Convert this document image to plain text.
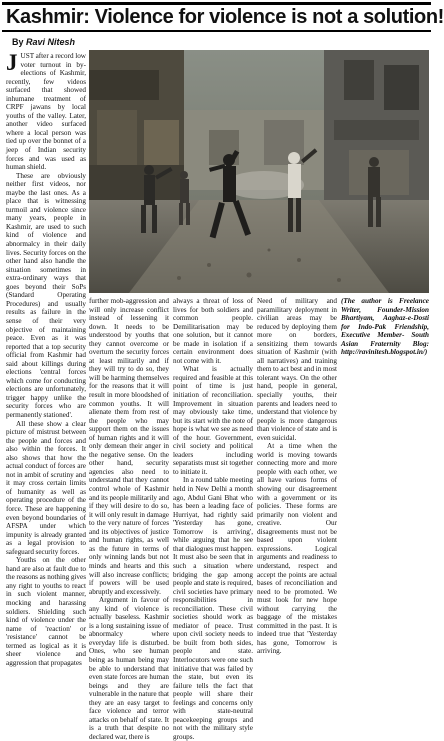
Kashmir: Violence for violence is not a solution!
By Ravi Nitesh

JUST after a record low voter turnout in by-elections of Kashmir, recently, few videos surfaced that showed inhumane treatment of CRPF jawans by local youths of the valley. Later, another video surfaced where a local person was tied up over the bonnet of a jeep of Indian security forces and was used as human shield.

These are obviously neither first videos, nor maybe the last ones. As a place that is witnessing turmoil and violence since many years, people in Kashmir, are used to such kind of violence and abnormalcy in their daily lives. Security forces on the other hand also handle the situation sometimes in extra-ordinary ways that goes beyond their SoPs (Standard Operating Procedures) and usually results as failure in the sense of their very objective of maintaining peace. Even as it was reported that a top security official from Kashmir had said about killings during elections 'central forces which come for conducting elections are unfortunately, trigger happy unlike the security forces who are permanently stationed'.

All these show a clear picture of mistrust between the people and forces and also within the forces. It also shows that how the actual conduct of forces are not in ambit of scrutiny and it may cross certain limits of humanity as well as operating procedure of the force. These are happening even beyond boundaries of AFSPA under which impunity is already granted as a legal provision to safeguard security forces.

Youths on the other hand are also at fault due to the reasons as nothing gives any right to youths to react in such violent manner, mocking and harassing soldiers. Shielding such kind of violence under the name of 'reaction' or 'resistance' cannot be termed as logical as it is sheer violence and aggression that propagates

further mob-aggression and will only increase conflict instead of lessening it down. It needs to be understood by youths that they cannot overcome or overturn the security forces at least militarily and if they will try to do so, they will be harming themselves for the reasons that it will result in more bloodshed of common youths. It will alienate them from rest of the people who may support them on the issues of human rights and it will only demean their anger in the negative sense. On the other hand, security agencies also need to understand that they cannot control whole of Kashmir and its people militarily and if they will desire to do so, it will only result in damage to the very nature of forces and its objectives of justice and human rights, as well as the future in terms of only winning lands but not minds and hearts and this will also increase conflicts; if powers will be used abruptly and excessively.

Argument in favour of any kind of violence is actually baseless. Kashmir is a long sustaining issue of abnormalcy where everyday life is disturbed. Ones, who see human being as human being may be able to understand that even state forces are human beings and they are vulnerable in the nature that they are an easy target to face violence and terror attacks on behalf of state. It is a truth that despite no declared war, there is

always a threat of loss of lives for both soldiers and common people. Demilitarisation may be one solution, but it cannot be made in isolation if a certain environment does not come with it.

What is actually required and feasible at this point of time is just initiation of reconciliation. Improvement in situation may obviously take time, but its start with the note of hope is what we see as need of the hour. Government, civil society and political leaders including separatists must sit together to initiate it.

In a round table meeting held in New Delhi a month ago, Abdul Gani Bhat who has been a leading face of Hurriyat, had rightly said 'Yesterday has gone, Tomorrow is arriving', while arguing that he see that dialogues must happen. It must also be seen that in such a situation where bridging the gap among people and state is required, civil societies have primary responsibilities in reconciliation. These civil societies should work as mediator of peace. Trust upon civil society needs to be built from both sides, people and state. Interlocutors were one such initiative that was failed by the state, but even its failure tells the fact that people will share their feelings and concerns only with state-neutral peacekeeping groups and not with the military style groups.

Need of military and paramilitary deployment in civilian areas may be reduced by deploying them more on borders, sensitizing them towards situation of Kashmir (with all narratives) and training them to act best and in most tolerant ways. On the other hand, people in general, specially youths, their parents and leaders need to understand that violence by people is more dangerous than violence of state and is even suicidal.

At a time when the world is moving towards connecting more and more people with each other, we all have various forms of showing our disagreement with a government or its policies. These forms are primarily non violent and creative. Our disagreements must not be based upon violent expressions. Logical arguments and readiness to understand, respect and accept the points are actual bases of reconciliation and need to be promoted. We must look for new hope without carrying the baggage of the mistakes committed in the past. It is indeed true that 'Yesterday has gone, Tomorrow is arriving.

(The author is Freelance Writer, Founder-Mission Bhartiyam, Aaghaz-e-Dosti for Indo-Pak Friendship, Executive Member- South Asian Fraternity Blog: http://ravinitesh.blogspot.in/)
